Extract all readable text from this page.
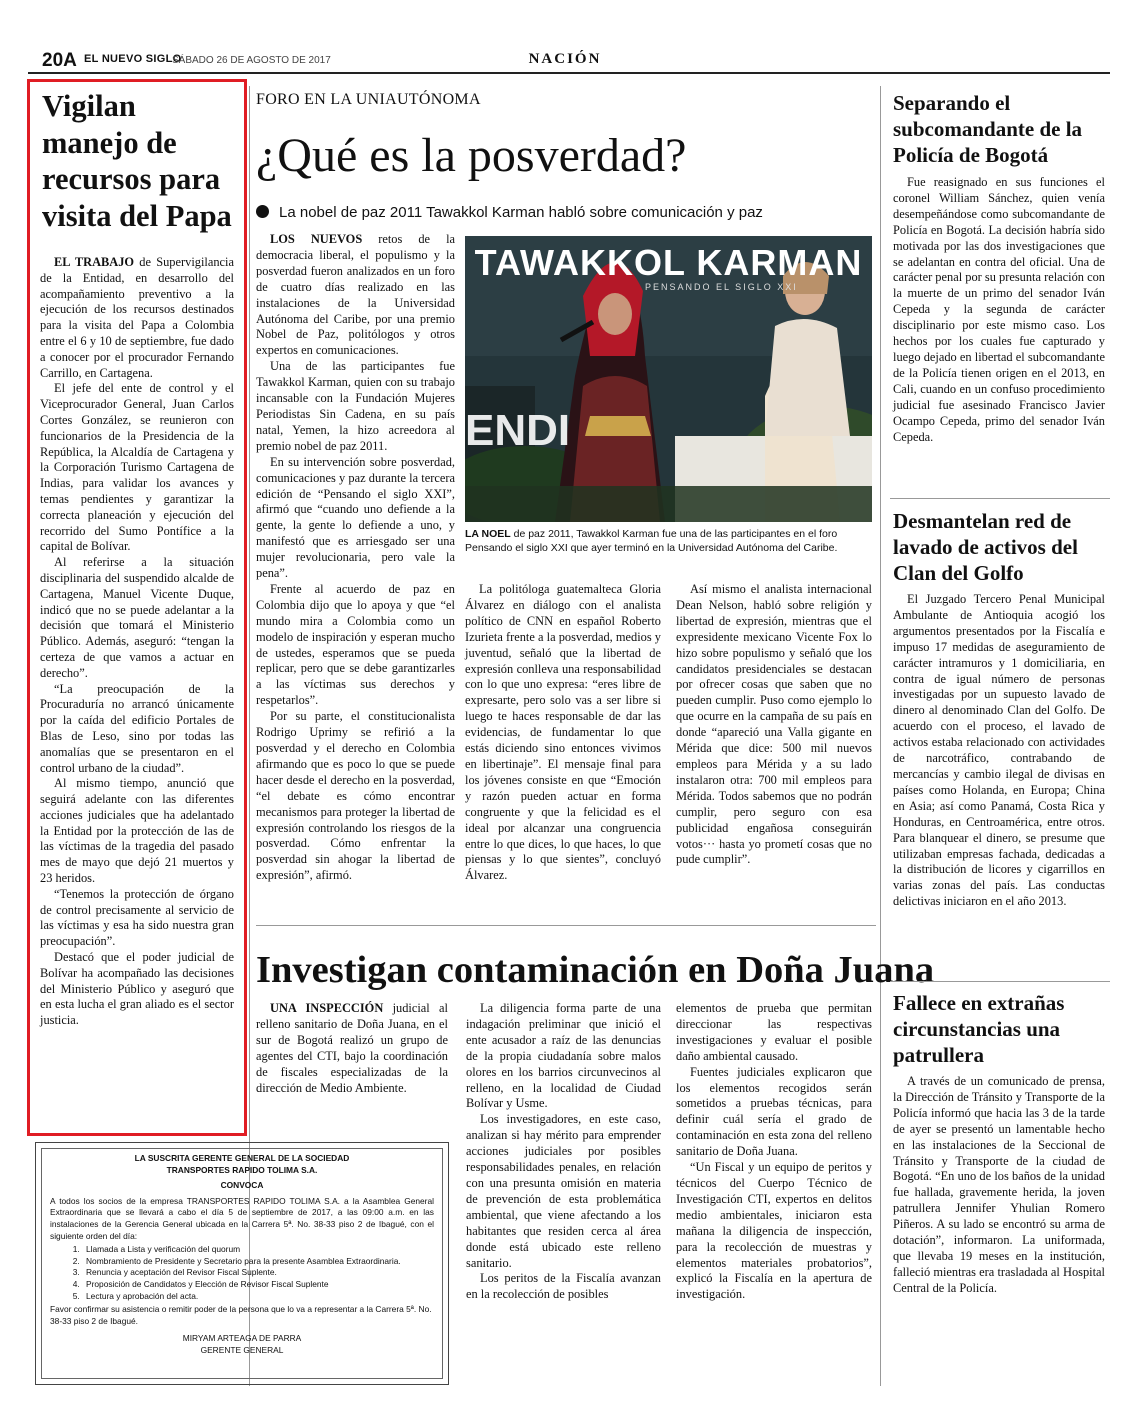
20A EL NUEVO SIGLO
SÁBADO 26 DE AGOSTO DE 2017	NACIÓN
Vigilan manejo de recursos para visita del Papa

EL TRABAJO de Supervigilancia de la Entidad, en desarrollo del acompañamiento preventivo a la ejecución de los recursos destinados para la visita del Papa a Colombia entre el 6 y 10 de septiembre, fue dado a conocer por el procurador Fernando Carrillo, en Cartagena.

El jefe del ente de control y el Viceprocurador General, Juan Carlos Cortes González, se reunieron con funcionarios de la Presidencia de la República, la Alcaldía de Cartagena y la Corporación Turismo Cartagena de Indias, para validar los avances y temas pendientes y garantizar la correcta planeación y ejecución del recorrido del Sumo Pontífice a la capital de Bolívar.

Al referirse a la situación disciplinaria del suspendido alcalde de Cartagena, Manuel Vicente Duque, indicó que no se puede adelantar a la decisión que tomará el Ministerio Público. Además, aseguró: “tengan la certeza de que vamos a actuar en derecho”.

“La preocupación de la Procuraduría no arrancó únicamente por la caída del edificio Portales de Blas de Leso, sino por todas las anomalías que se presentaron en el control urbano de la ciudad”.

Al mismo tiempo, anunció que seguirá adelante con las diferentes acciones judiciales que ha adelantado la Entidad por la protección de las de las víctimas de la tragedia del pasado mes de mayo que dejó 21 muertos y 23 heridos.

“Tenemos la protección de órgano de control precisamente al servicio de las víctimas y esa ha sido nuestra gran preocupación”.

Destacó que el poder judicial de Bolívar ha acompañado las decisiones del Ministerio Público y aseguró que en esta lucha el gran aliado es el sector justicia.

FORO EN LA UNIAUTÓNOMA
¿Qué es la posverdad?
La nobel de paz 2011 Tawakkol Karman habló sobre comunicación y paz

LOS NUEVOS retos de la democracia liberal, el populismo y la posverdad fueron analizados en un foro de cuatro días realizado en las instalaciones de la Universidad Autónoma del Caribe, por una premio Nobel de Paz, politólogos y otros expertos en comunicaciones.

Una de las participantes fue Tawakkol Karman, quien con su trabajo incansable con la Fundación Mujeres Periodistas Sin Cadena, en su país natal, Yemen, la hizo acreedora al premio nobel de paz 2011.

En su intervención sobre posverdad, comunicaciones y paz durante la tercera edición de “Pensando el siglo XXI”, afirmó que “cuando uno defiende a la gente, la gente lo defiende a uno, y manifestó que es arriesgado ser una mujer revolucionaria, pero vale la pena”.

Frente al acuerdo de paz en Colombia dijo que lo apoya y que “el mundo mira a Colombia como un modelo de inspiración y esperan mucho de ustedes, esperamos que se pueda replicar, pero que se debe garantizarles a las víctimas sus derechos y respetarlos”.

Por su parte, el constitucionalista Rodrigo Uprimy se refirió a la posverdad y el derecho en Colombia afirmando que es poco lo que se puede hacer desde el derecho en la posverdad, “el debate es cómo encontrar mecanismos para proteger la libertad de expresión controlando los riesgos de la posverdad. Cómo enfrentar la posverdad sin ahogar la libertad de expresión”, afirmó.

TAWAKKOL KARMAN
PENSANDO EL SIGLO XXI
ENDI
LA NOEL de paz 2011, Tawakkol Karman fue una de las participantes en el foro Pensando el siglo XXI que ayer terminó en la Universidad Autónoma del Caribe.

La politóloga guatemalteca Gloria Álvarez en diálogo con el analista político de CNN en español Roberto Izurieta frente a la posverdad, medios y juventud, señaló que la libertad de expresión conlleva una responsabilidad con lo que uno expresa: “eres libre de expresarte, pero solo vas a ser libre si luego te haces responsable de dar las evidencias, de fundamentar lo que estás diciendo sino entonces vivimos en libertinaje”. El mensaje final para los jóvenes consiste en que “Emoción y razón pueden actuar en forma congruente y que la felicidad es el ideal por alcanzar una congruencia entre lo que dices, lo que haces, lo que piensas y lo que sientes”, concluyó Álvarez.

Así mismo el analista internacional Dean Nelson, habló sobre religión y libertad de expresión, mientras que el expresidente mexicano Vicente Fox lo hizo sobre populismo y señaló que los candidatos presidenciales se destacan por ofrecer cosas que saben que no pueden cumplir. Puso como ejemplo lo que ocurre en la campaña de su país en donde “apareció una Valla gigante en Mérida que dice: 500 mil nuevos empleos para Mérida y a su lado instalaron otra: 700 mil empleos para Mérida. Todos sabemos que no podrán cumplir, pero seguro con esa publicidad engañosa conseguirán votos··· hasta yo prometí cosas que no pude cumplir”.

Investigan contaminación en Doña Juana

UNA INSPECCIÓN judicial al relleno sanitario de Doña Juana, en el sur de Bogotá realizó un grupo de agentes del CTI, bajo la coordinación de fiscales especializadas de la dirección de Medio Ambiente.

La diligencia forma parte de una indagación preliminar que inició el ente acusador a raíz de las denuncias de la propia ciudadanía sobre malos olores en los barrios circunvecinos al relleno, en la localidad de Ciudad Bolívar y Usme.

Los investigadores, en este caso, analizan si hay mérito para emprender acciones judiciales por posibles responsabilidades penales, en relación con una presunta omisión en materia de prevención de esta problemática ambiental, que viene afectando a los habitantes que residen cerca al área donde está ubicado este relleno sanitario.

Los peritos de la Fiscalía avanzan en la recolección de posibles

elementos de prueba que permitan direccionar las respectivas investigaciones y evaluar el posible daño ambiental causado.

Fuentes judiciales explicaron que los elementos recogidos serán sometidos a pruebas técnicas, para definir cuál sería el grado de contaminación en esta zona del relleno sanitario de Doña Juana.

“Un Fiscal y un equipo de peritos y técnicos del Cuerpo Técnico de Investigación CTI, expertos en delitos medio ambientales, iniciaron esta mañana la diligencia de inspección, para la recolección de muestras y elementos materiales probatorios”, explicó la Fiscalía en la apertura de investigación.

LA SUSCRITA GERENTE GENERAL DE LA SOCIEDAD
TRANSPORTES RAPIDO TOLIMA S.A.
CONVOCA
A todos los socios de la empresa TRANSPORTES RAPIDO TOLIMA S.A. a la Asamblea General Extraordinaria que se llevará a cabo el día 5 de septiembre de 2017, a las 09:00 a.m. en las instalaciones de la Gerencia General ubicada en la Carrera 5ª. No. 38-33 piso 2 de Ibagué, con el siguiente orden del día:
1. Llamada a Lista y verificación del quorum
2. Nombramiento de Presidente y Secretario para la presente Asamblea Extraordinaria.
3. Renuncia y aceptación del Revisor Fiscal Suplente.
4. Proposición de Candidatos y Elección de Revisor Fiscal Suplente
5. Lectura y aprobación del acta.
Favor confirmar su asistencia o remitir poder de la persona que lo va a representar a la Carrera 5ª. No. 38-33 piso 2 de Ibagué.
MIRYAM ARTEAGA DE PARRA
GERENTE GENERAL
Separando el subcomandante de la Policía de Bogotá

Fue reasignado en sus funciones el coronel William Sánchez, quien venía desempeñándose como subcomandante de Policía en Bogotá. La decisión habría sido motivada por las dos investigaciones que se adelantan en contra del oficial. Una de carácter penal por su presunta relación con la muerte de un primo del senador Iván Cepeda y la segunda de carácter disciplinario por este mismo caso. Los hechos por los cuales fue capturado y luego dejado en libertad el subcomandante de la Policía tienen origen en el 2013, en Cali, cuando en un confuso procedimiento judicial fue asesinado Francisco Javier Ocampo Cepeda, primo del senador Iván Cepeda.

Desmantelan red de lavado de activos del Clan del Golfo

El Juzgado Tercero Penal Municipal Ambulante de Antioquia acogió los argumentos presentados por la Fiscalía e impuso 17 medidas de aseguramiento de carácter intramuros y 1 domiciliaria, en contra de igual número de personas investigadas por un supuesto lavado de dinero al denominado Clan del Golfo. De acuerdo con el proceso, el lavado de activos estaba relacionado con actividades de narcotráfico, contrabando de mercancías y cambio ilegal de divisas en países como Holanda, en Europa; China en Asia; así como Panamá, Costa Rica y Honduras, en Centroamérica, entre otros. Para blanquear el dinero, se presume que utilizaban empresas fachada, dedicadas a la distribución de licores y cigarrillos en varias zonas del país. Las conductas delictivas iniciaron en el año 2013.

Fallece en extrañas circunstancias una patrullera

A través de un comunicado de prensa, la Dirección de Tránsito y Transporte de la Policía informó que hacia las 3 de la tarde de ayer se presentó un lamentable hecho en las instalaciones de la Seccional de Tránsito y Transporte de la ciudad de Bogotá. “En uno de los baños de la unidad fue hallada, gravemente herida, la joven patrullera Jennifer Yhulian Romero Piñeros. A su lado se encontró su arma de dotación”, informaron. La uniformada, que llevaba 19 meses en la institución, falleció mientras era trasladada al Hospital Central de la Policía.
